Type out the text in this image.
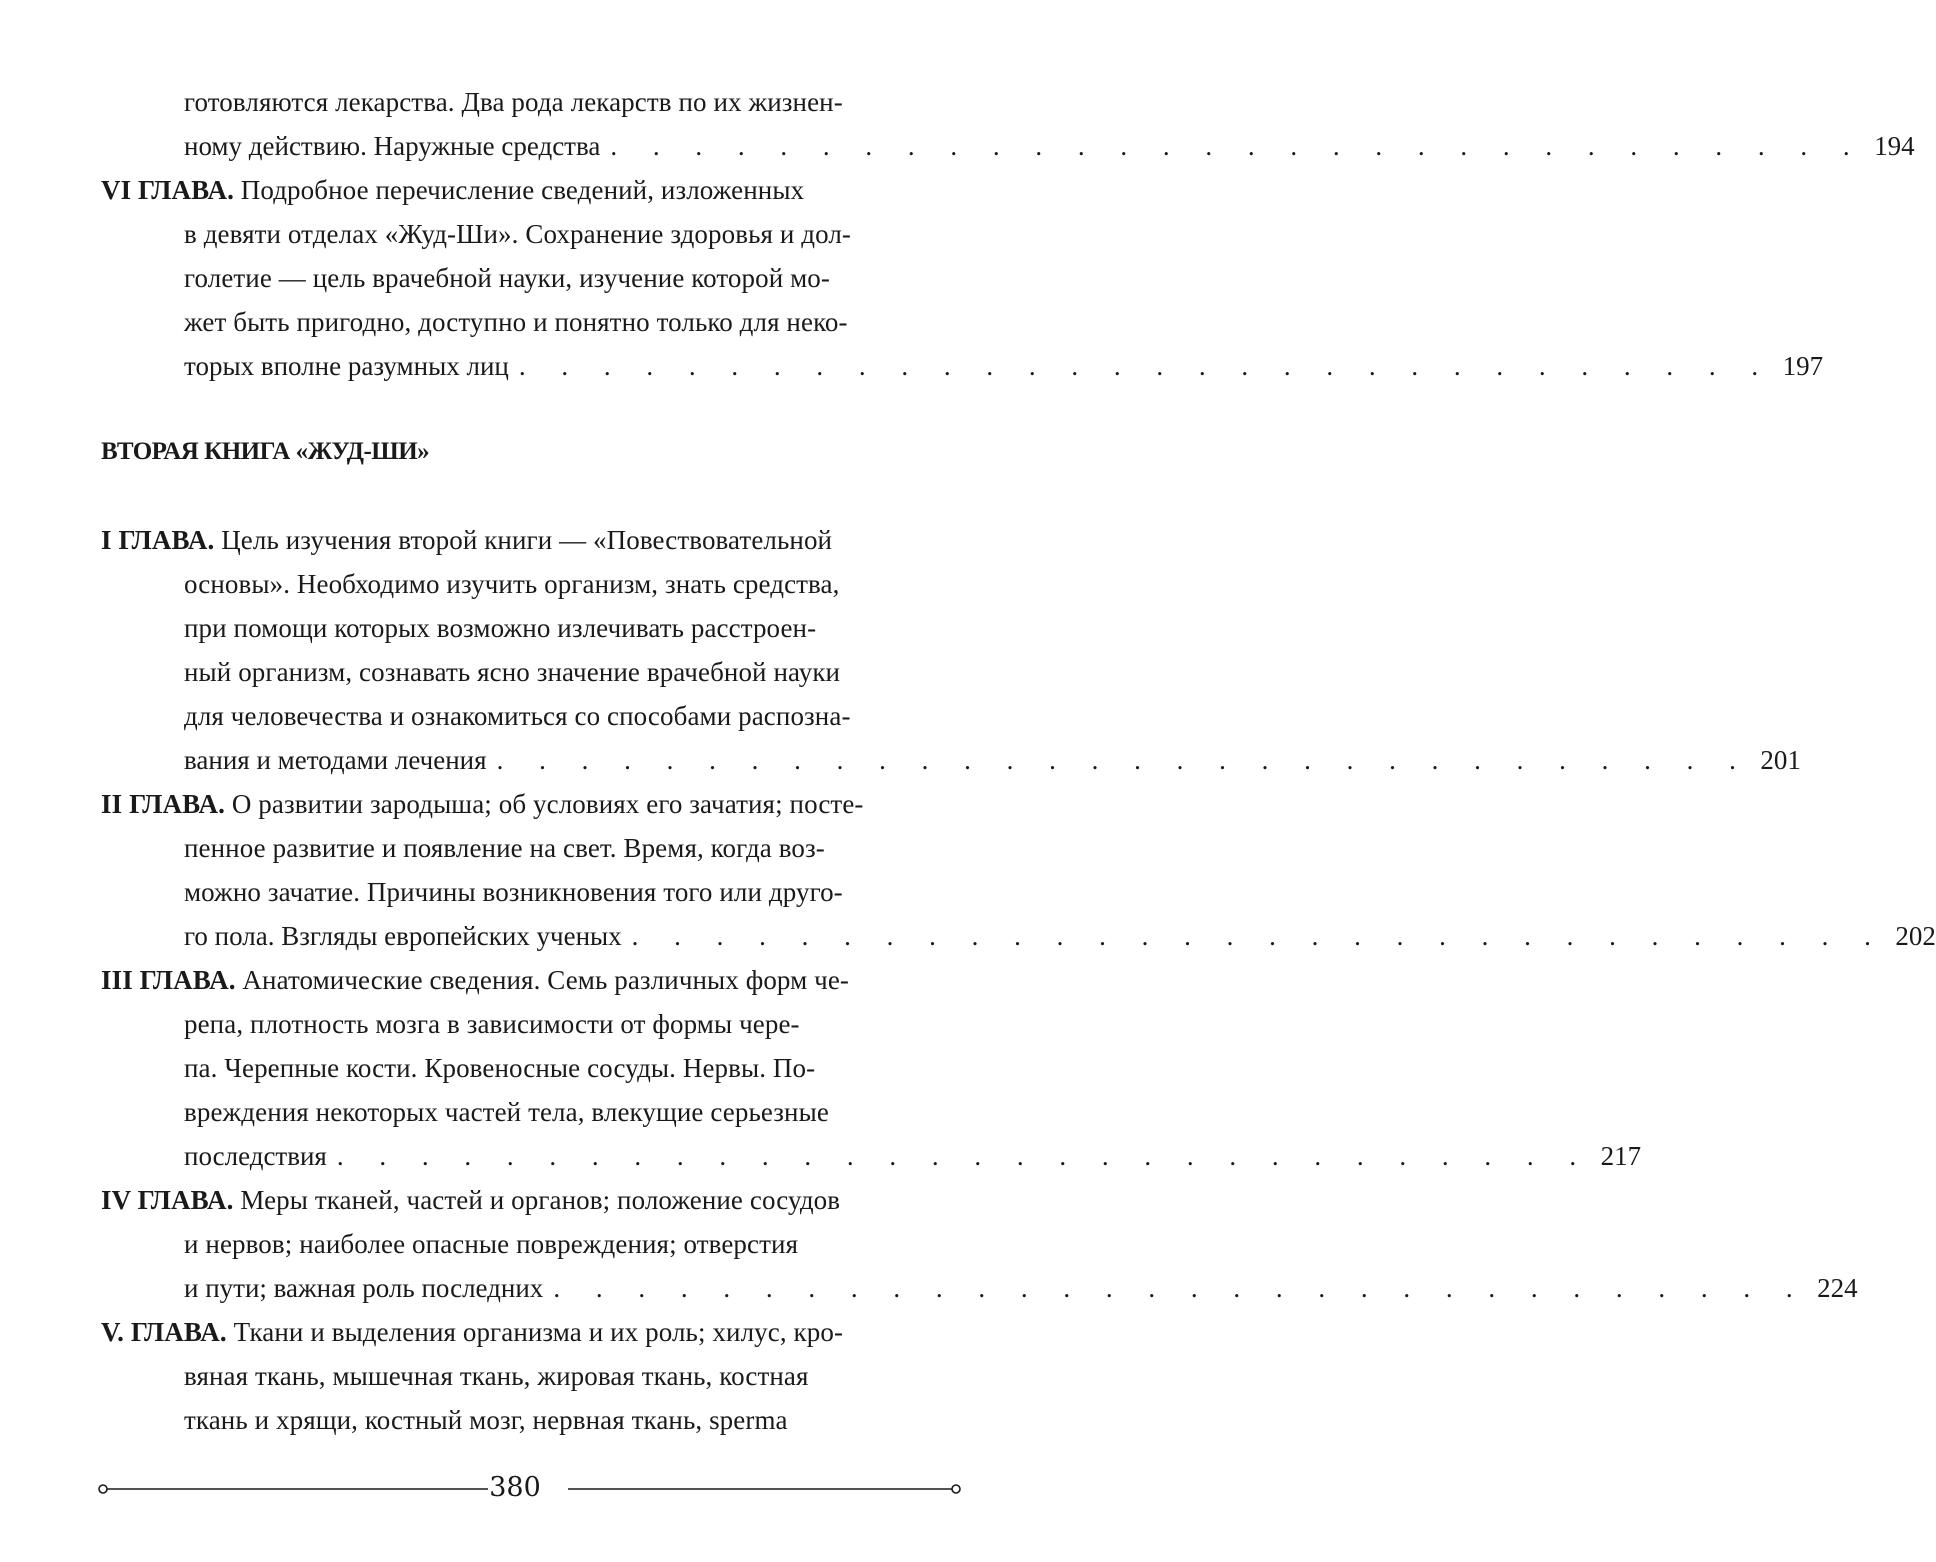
готовляются лекарства. Два рода лекарств по их жизнен-
ному действию. Наружные средства . . . . . . . . . . . . . . . . . . . . . . . . . . . . . . 194
VI ГЛАВА. Подробное перечисление сведений, изложенных
в девяти отделах «Жуд-Ши». Сохранение здоровья и дол-
голетие — цель врачебной науки, изучение которой мо-
жет быть пригодно, доступно и понятно только для неко-
торых вполне разумных лиц . . . . . . . . . . . . . . . . . . . . . . . . . . . . . . 197
ВТОРАЯ КНИГА «ЖУД-ШИ»
I ГЛАВА. Цель изучения второй книги — «Повествовательной
основы». Необходимо изучить организм, знать средства,
при помощи которых возможно излечивать расстроен-
ный организм, сознавать ясно значение врачебной науки
для человечества и ознакомиться со способами распозна-
вания и методами лечения . . . . . . . . . . . . . . . . . . . . . . . . . . . . . . 201
II ГЛАВА. О развитии зародыша; об условиях его зачатия; посте-
пенное развитие и появление на свет. Время, когда воз-
можно зачатие. Причины возникновения того или друго-
го пола. Взгляды европейских ученых . . . . . . . . . . . . . . . . . . . . . . . . . . . . . . 202
III ГЛАВА. Анатомические сведения. Семь различных форм че-
репа, плотность мозга в зависимости от формы чере-
па. Черепные кости. Кровеносные сосуды. Нервы. По-
вреждения некоторых частей тела, влекущие серьезные
последствия . . . . . . . . . . . . . . . . . . . . . . . . . . . . . . 217
IV ГЛАВА. Меры тканей, частей и органов; положение сосудов
и нервов; наиболее опасные повреждения; отверстия
и пути; важная роль последних . . . . . . . . . . . . . . . . . . . . . . . . . . . . . . 224
V. ГЛАВА. Ткани и выделения организма и их роль; хилус, кро-
вяная ткань, мышечная ткань, жировая ткань, костная
ткань и хрящи, костный мозг, нервная ткань, sperma
380
